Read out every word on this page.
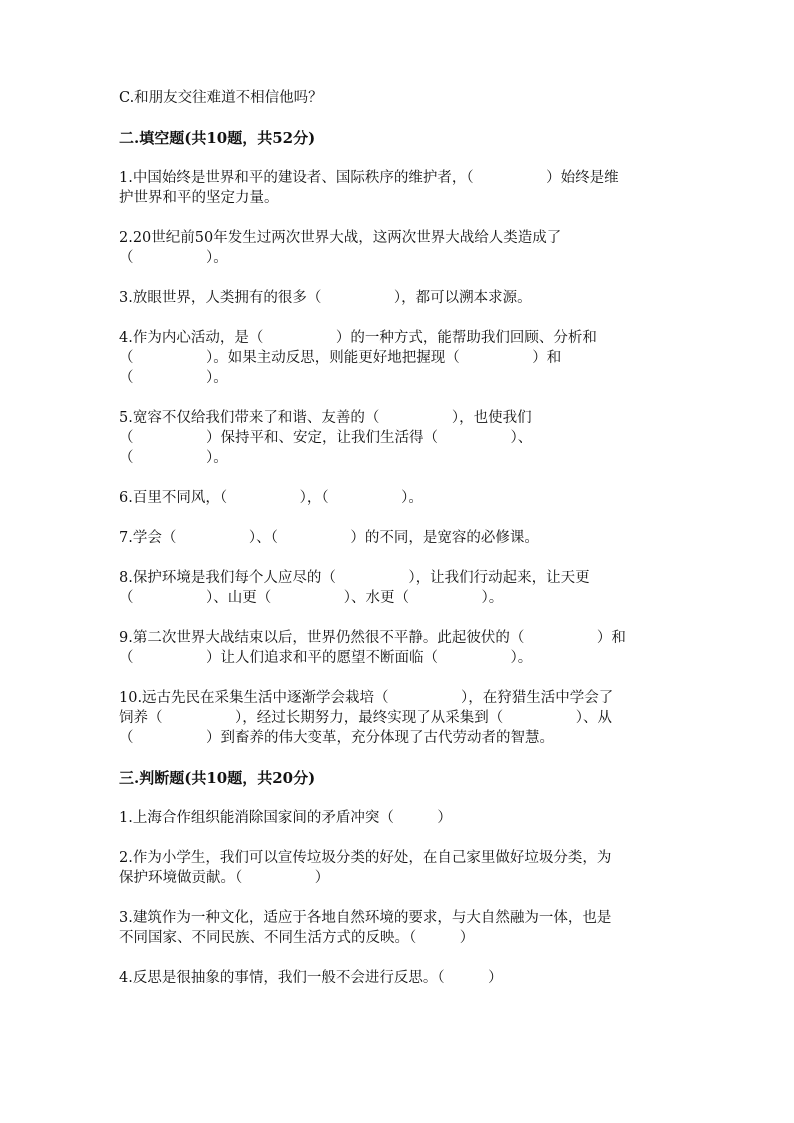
C.和朋友交往难道不相信他吗？

二.填空题(共10题，共52分)

1.中国始终是世界和平的建设者、国际秩序的维护者，（　　　　　）始终是维

护世界和平的坚定力量。

2.20世纪前50年发生过两次世界大战，这两次世界大战给人类造成了

（　　　　　）。

3.放眼世界，人类拥有的很多（　　　　　），都可以溯本求源。

4.作为内心活动，是（　　　　　）的一种方式，能帮助我们回顾、分析和

（　　　　　）。如果主动反思，则能更好地把握现（　　　　　）和

（　　　　　）。

5.宽容不仅给我们带来了和谐、友善的（　　　　　），也使我们

（　　　　　）保持平和、安定，让我们生活得（　　　　　）、

（　　　　　）。

6.百里不同风，（　　　　　），（　　　　　）。

7.学会（　　　　　）、（　　　　　）的不同，是宽容的必修课。

8.保护环境是我们每个人应尽的（　　　　　），让我们行动起来，让天更

（　　　　　）、山更（　　　　　）、水更（　　　　　）。

9.第二次世界大战结束以后，世界仍然很不平静。此起彼伏的（　　　　　）和

（　　　　　）让人们追求和平的愿望不断面临（　　　　　）。

10.远古先民在采集生活中逐渐学会栽培（　　　　　），在狩猎生活中学会了

饲养（　　　　　），经过长期努力，最终实现了从采集到（　　　　　）、从

（　　　　　）到畜养的伟大变革，充分体现了古代劳动者的智慧。

三.判断题(共10题，共20分)

1.上海合作组织能消除国家间的矛盾冲突（　　　）

2.作为小学生，我们可以宣传垃圾分类的好处，在自己家里做好垃圾分类，为

保护环境做贡献。（　　　　　）

3.建筑作为一种文化，适应于各地自然环境的要求，与大自然融为一体，也是

不同国家、不同民族、不同生活方式的反映。（　　　）

4.反思是很抽象的事情，我们一般不会进行反思。（　　　）
